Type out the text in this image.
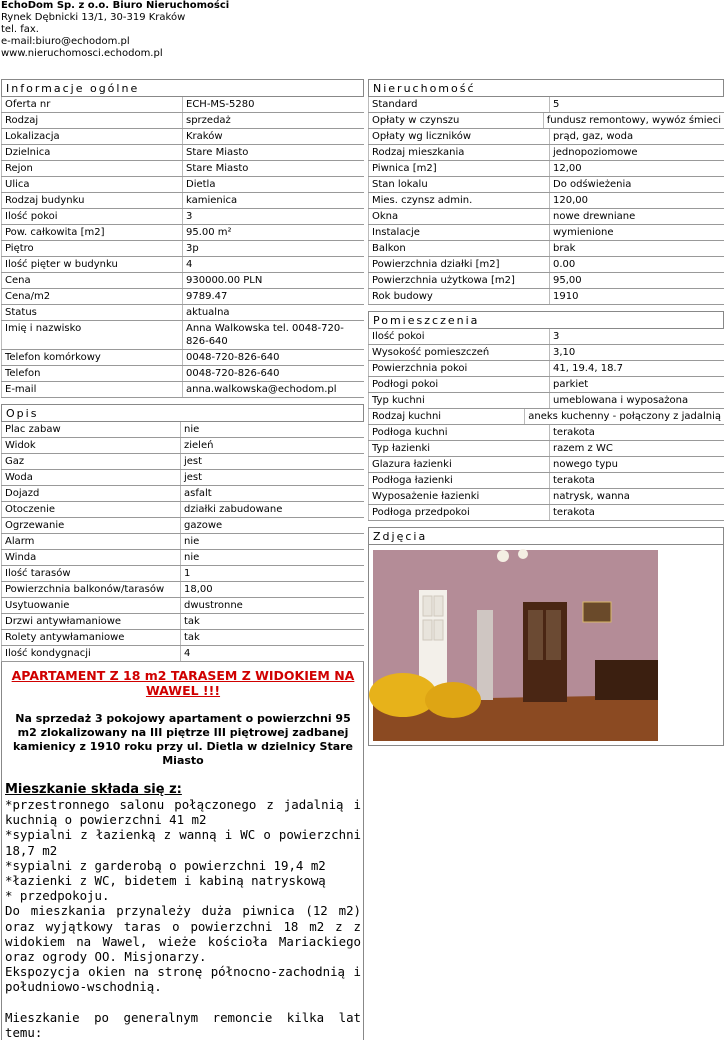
EchoDom Sp. z o.o. Biuro Nieruchomości
Rynek Dębnicki 13/1, 30-319 Kraków
tel. fax.
e-mail:biuro@echodom.pl
www.nieruchomosci.echodom.pl
Informacje ogólne
Oferta nr	ECH-MS-5280
Rodzaj	sprzedaż
Lokalizacja	Kraków
Dzielnica	Stare Miasto
Rejon	Stare Miasto
Ulica	Dietla
Rodzaj budynku	kamienica
Ilość pokoi	3
Pow. całkowita [m2]	95.00 m²
Piętro	3p
Ilość pięter w budynku	4
Cena	930000.00 PLN
Cena/m2	9789.47
Status	aktualna
Imię i nazwisko	Anna Walkowska tel. 0048-720-826-640
Telefon komórkowy	0048-720-826-640
Telefon	0048-720-826-640
E-mail	anna.walkowska@echodom.pl
Opis
Plac zabaw	nie
Widok	zieleń
Gaz	jest
Woda	jest
Dojazd	asfalt
Otoczenie	działki zabudowane
Ogrzewanie	gazowe
Alarm	nie
Winda	nie
Ilość tarasów	1
Powierzchnia balkonów/tarasów	18,00
Usytuowanie	dwustronne
Drzwi antywłamaniowe	tak
Rolety antywłamaniowe	tak
Ilość kondygnacji	4
APARTAMENT Z 18 m2 TARASEM Z WIDOKIEM NA WAWEL !!!
Na sprzedaż 3 pokojowy apartament o powierzchni 95 m2 zlokalizowany na III piętrze III piętrowej zadbanej kamienicy z 1910 roku przy ul. Dietla w dzielnicy Stare Miasto
Mieszkanie składa się z:

*przestronnego salonu połączonego z jadalnią i kuchnią o powierzchni 41 m2

*sypialni z łazienką z wanną i WC o powierzchni 18,7 m2

*sypialni z garderobą o powierzchni 19,4 m2

*łazienki z WC, bidetem i kabiną natryskową

* przedpokoju.

Do mieszkania przynależy duża piwnica (12 m2) oraz wyjątkowy taras o powierzchni 18 m2 z z widokiem na Wawel, wieże kościoła Mariackiego oraz ogrody OO. Misjonarzy.

Ekspozycja okien na stronę północno-zachodnią i południowo-wschodnią.

Mieszkanie po generalnym remoncie kilka lat temu:

Nieruchomość
Standard	5
Opłaty w czynszu	fundusz remontowy, wywóz śmieci
Opłaty wg liczników	prąd, gaz, woda
Rodzaj mieszkania	jednopoziomowe
Piwnica [m2]	12,00
Stan lokalu	Do odświeżenia
Mies. czynsz admin.	120,00
Okna	nowe drewniane
Instalacje	wymienione
Balkon	brak
Powierzchnia działki [m2]	0.00
Powierzchnia użytkowa [m2]	95,00
Rok budowy	1910
Pomieszczenia
Ilość pokoi	3
Wysokość pomieszczeń	3,10
Powierzchnia pokoi	41, 19.4, 18.7
Podłogi pokoi	parkiet
Typ kuchni	umeblowana i wyposażona
Rodzaj kuchni	aneks kuchenny - połączony z jadalnią
Podłoga kuchni	terakota
Typ łazienki	razem z WC
Glazura łazienki	nowego typu
Podłoga łazienki	terakota
Wyposażenie łazienki	natrysk, wanna
Podłoga przedpokoi	terakota
Zdjęcia
